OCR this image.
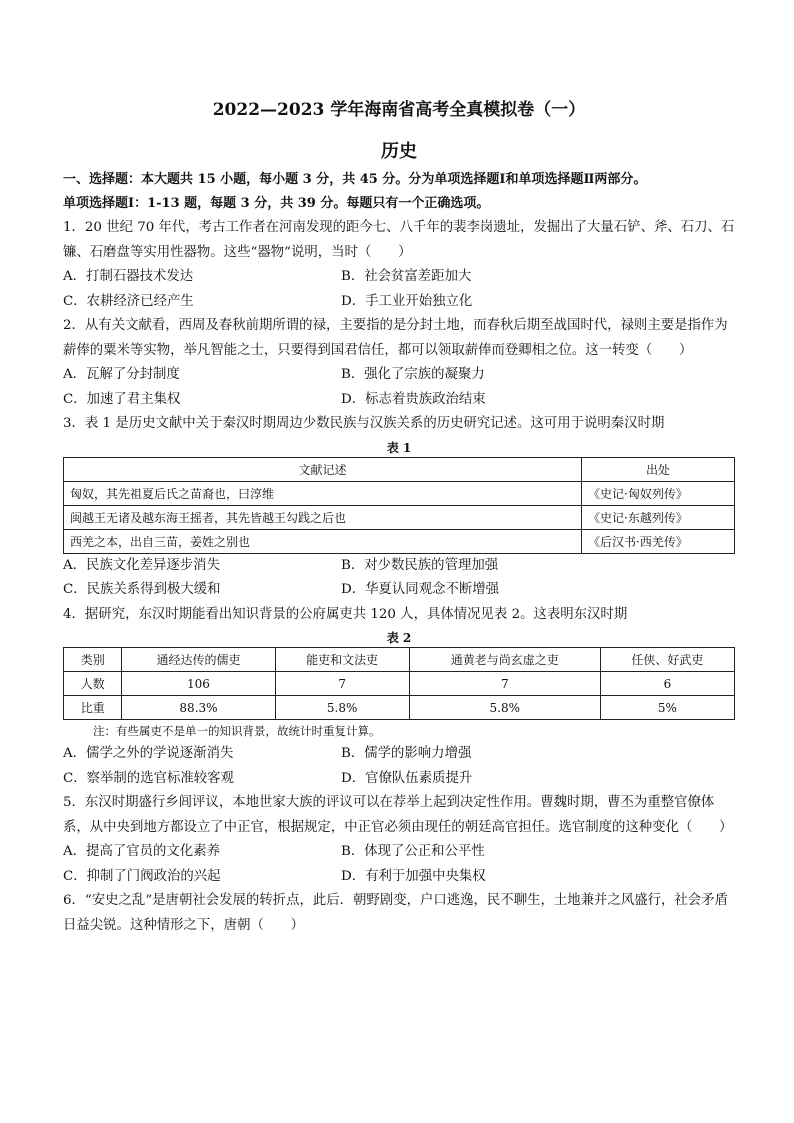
2022—2023 学年海南省高考全真模拟卷（一）
历史
一、选择题：本大题共 15 小题，每小题 3 分，共 45 分。分为单项选择题Ⅰ和单项选择题Ⅱ两部分。
单项选择题Ⅰ：1-13 题，每题 3 分，共 39 分。每题只有一个正确选项。
1．20 世纪 70 年代，考古工作者在河南发现的距今七、八千年的裴李岗遗址，发掘出了大量石铲、斧、石刀、石镰、石磨盘等实用性器物。这些“器物”说明，当时（　　）
A．打制石器技术发达	B．社会贫富差距加大
C．农耕经济已经产生	D．手工业开始独立化
2．从有关文献看，西周及春秋前期所谓的禄，主要指的是分封土地，而春秋后期至战国时代，禄则主要是指作为薪俸的粟米等实物，举凡智能之士，只要得到国君信任，都可以领取薪俸而登卿相之位。这一转变（　　）
A．瓦解了分封制度	B．强化了宗族的凝聚力
C．加速了君主集权	D．标志着贵族政治结束
3．表 1 是历史文献中关于秦汉时期周边少数民族与汉族关系的历史研究记述。这可用于说明秦汉时期
表 1
文献记述	出处
匈奴，其先祖夏后氏之苗裔也，曰淳维	《史记·匈奴列传》
闽越王无诸及越东海王摇者，其先皆越王勾践之后也	《史记·东越列传》
西羌之本，出自三苗，姜姓之别也	《后汉书·西羌传》
A．民族文化差异逐步消失	B．对少数民族的管理加强
C．民族关系得到极大缓和	D．华夏认同观念不断增强
4．据研究，东汉时期能看出知识背景的公府属吏共 120 人，具体情况见表 2。这表明东汉时期
表 2
类别	通经达传的儒吏	能吏和文法吏	通黄老与尚玄虚之吏	任侠、好武吏
人数	106	7	7	6
比重	88.3%	5.8%	5.8%	5%
注：有些属吏不是单一的知识背景，故统计时重复计算。
A．儒学之外的学说逐渐消失	B．儒学的影响力增强
C．察举制的选官标准较客观	D．官僚队伍素质提升
5．东汉时期盛行乡闾评议，本地世家大族的评议可以在荐举上起到决定性作用。曹魏时期，曹丕为重整官僚体系，从中央到地方都设立了中正官，根据规定，中正官必须由现任的朝廷高官担任。选官制度的这种变化（　　）
A．提高了官员的文化素养	B．体现了公正和公平性
C．抑制了门阀政治的兴起	D．有利于加强中央集权
6．“安史之乱”是唐朝社会发展的转折点，此后．朝野剧变，户口逃逸，民不聊生，土地兼并之风盛行，社会矛盾日益尖锐。这种情形之下，唐朝（　　）
